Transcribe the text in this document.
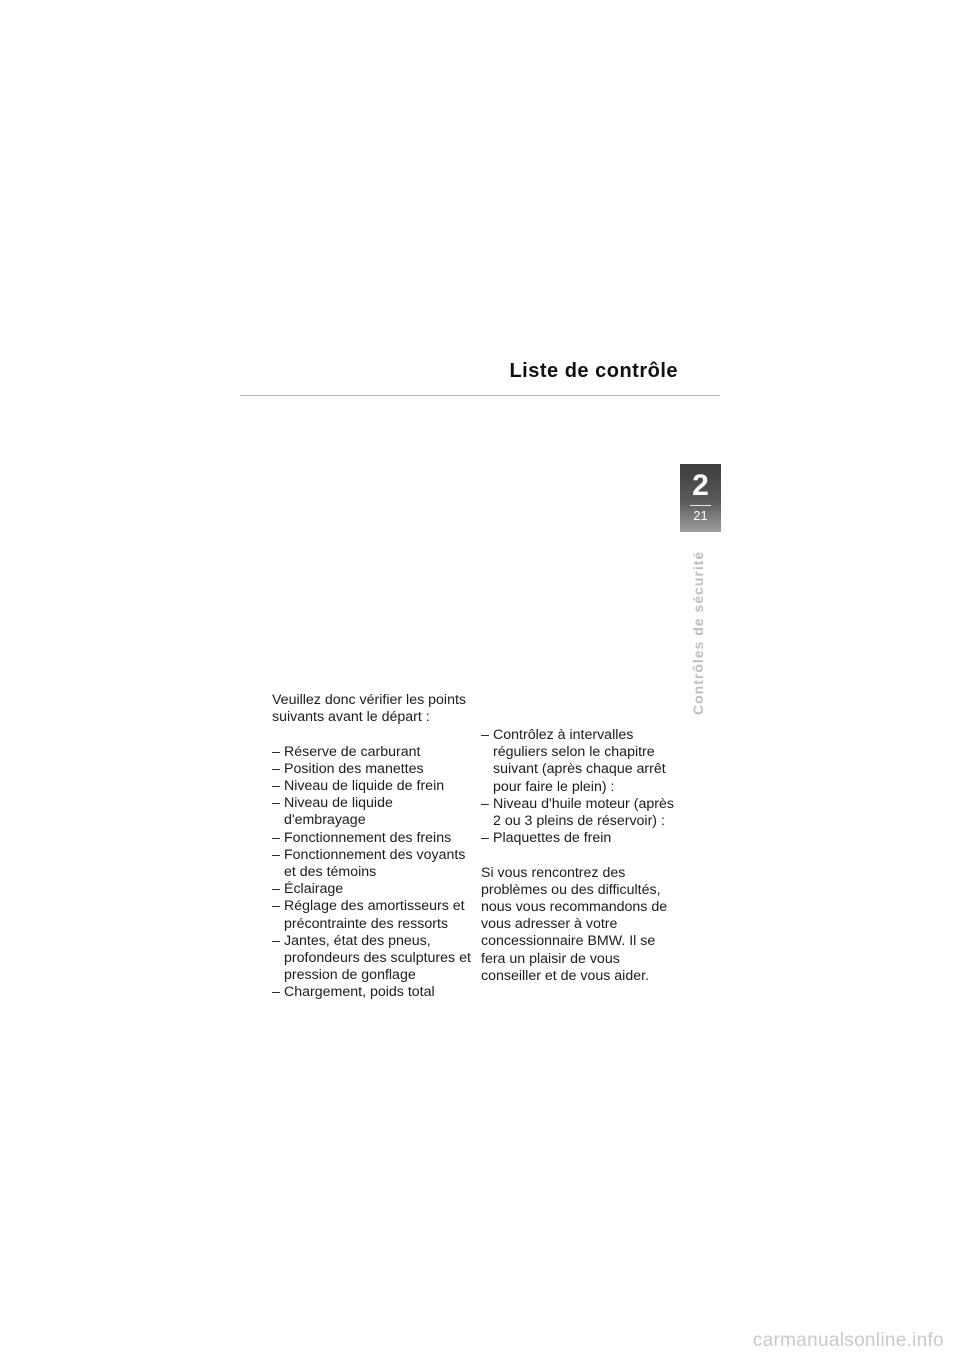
Liste de contrôle
2
21
Contrôles de sécurité

Veuillez donc vérifier les points suivants avant le départ :

– Réserve de carburant
– Position des manettes
– Niveau de liquide de frein
– Niveau de liquide d'embrayage
– Fonctionnement des freins
– Fonctionnement des voyants et des témoins
– Éclairage
– Réglage des amortisseurs et précontrainte des ressorts
– Jantes, état des pneus, profondeurs des sculptures et pression de gonflage
– Chargement, poids total
– Contrôlez à intervalles réguliers selon le chapitre suivant (après chaque arrêt pour faire le plein) :
– Niveau d'huile moteur (après 2 ou 3 pleins de réservoir) :
– Plaquettes de frein

Si vous rencontrez des problèmes ou des difficultés, nous vous recommandons de vous adresser à votre concessionnaire BMW. Il se fera un plaisir de vous conseiller et de vous aider.

carmanualsonline.info
